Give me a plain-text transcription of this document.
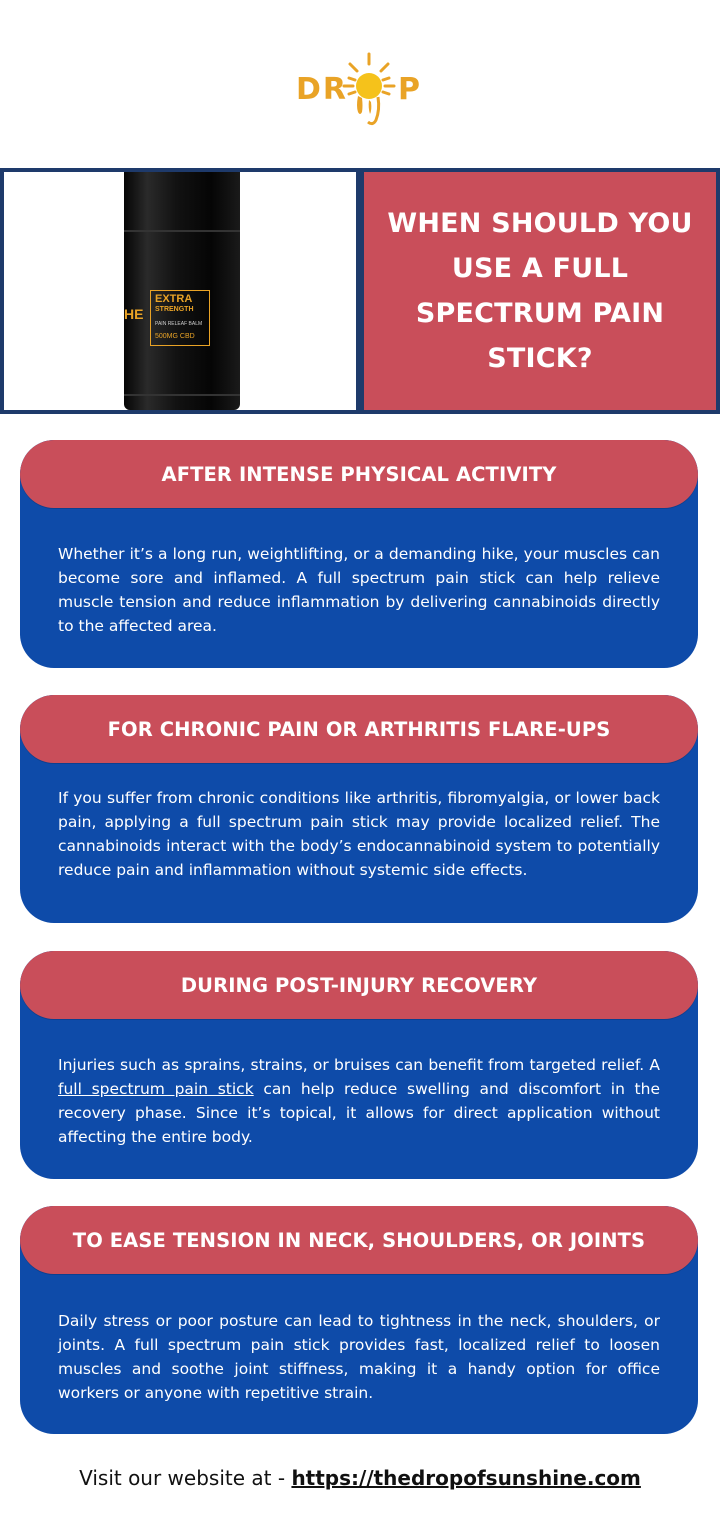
DR P
HE
EXTRA
STRENGTH
PAIN RELEAF BALM
500MG CBD
WHEN SHOULD YOU USE A FULL SPECTRUM PAIN STICK?
AFTER INTENSE PHYSICAL ACTIVITY

Whether it’s a long run, weightlifting, or a demanding hike, your muscles can become sore and inflamed. A full spectrum pain stick can help relieve muscle tension and reduce inflammation by delivering cannabinoids directly to the affected area.

FOR CHRONIC PAIN OR ARTHRITIS FLARE-UPS

If you suffer from chronic conditions like arthritis, fibromyalgia, or lower back pain, applying a full spectrum pain stick may provide localized relief. The cannabinoids interact with the body’s endocannabinoid system to potentially reduce pain and inflammation without systemic side effects.

DURING POST-INJURY RECOVERY

Injuries such as sprains, strains, or bruises can benefit from targeted relief. A full spectrum pain stick can help reduce swelling and discomfort in the recovery phase. Since it’s topical, it allows for direct application without affecting the entire body.

TO EASE TENSION IN NECK, SHOULDERS, OR JOINTS

Daily stress or poor posture can lead to tightness in the neck, shoulders, or joints. A full spectrum pain stick provides fast, localized relief to loosen muscles and soothe joint stiffness, making it a handy option for office workers or anyone with repetitive strain.

Visit our website at - https://thedropofsunshine.com
